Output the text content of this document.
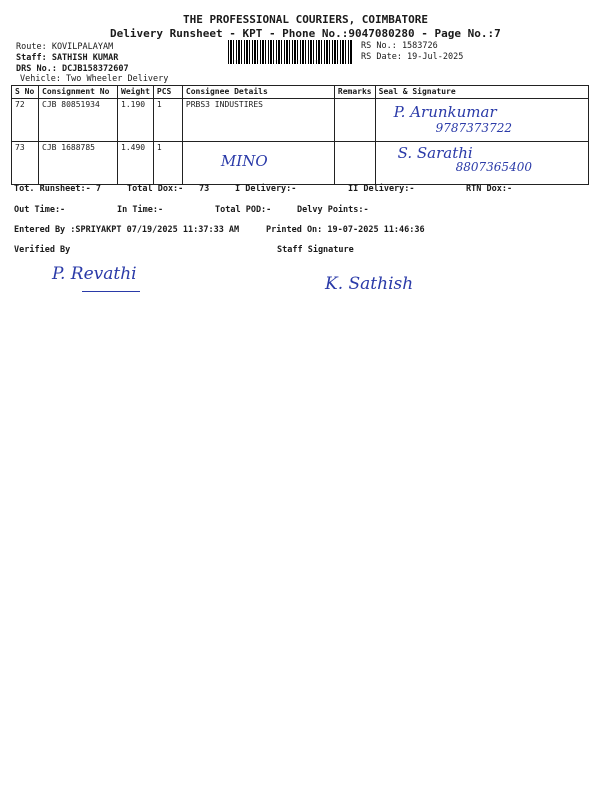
THE PROFESSIONAL COURIERS, COIMBATORE
Delivery Runsheet - KPT - Phone No.:9047080280 - Page No.:7
Route: KOVILPALAYAM
Staff: SATHISH KUMAR
DRS No.: DCJB158372607
Vehicle: Two Wheeler Delivery
RS No.: 1583726
RS Date: 19-Jul-2025
S No	Consignment No	Weight	PCS	Consignee Details	Remarks	Seal & Signature
72	CJB 80851934	1.190	1	PRBS3 INDUSTIRES		P. Arunkumar
9787373722

73	CJB 1688785	1.490	1	MINO		S. Sarathi
8807365400
Tot. Runsheet:- 7	Total Dox:- 73	I Delivery:-	II Delivery:-	RTN Dox:-
Out Time:-	In Time:-	Total POD:-	Delvy Points:-
Entered By :SPRIYAKPT 07/19/2025 11:37:33 AM	Printed On: 19-07-2025 11:46:36
Verified By	Staff Signature
P. Revathi	K. Sathish
